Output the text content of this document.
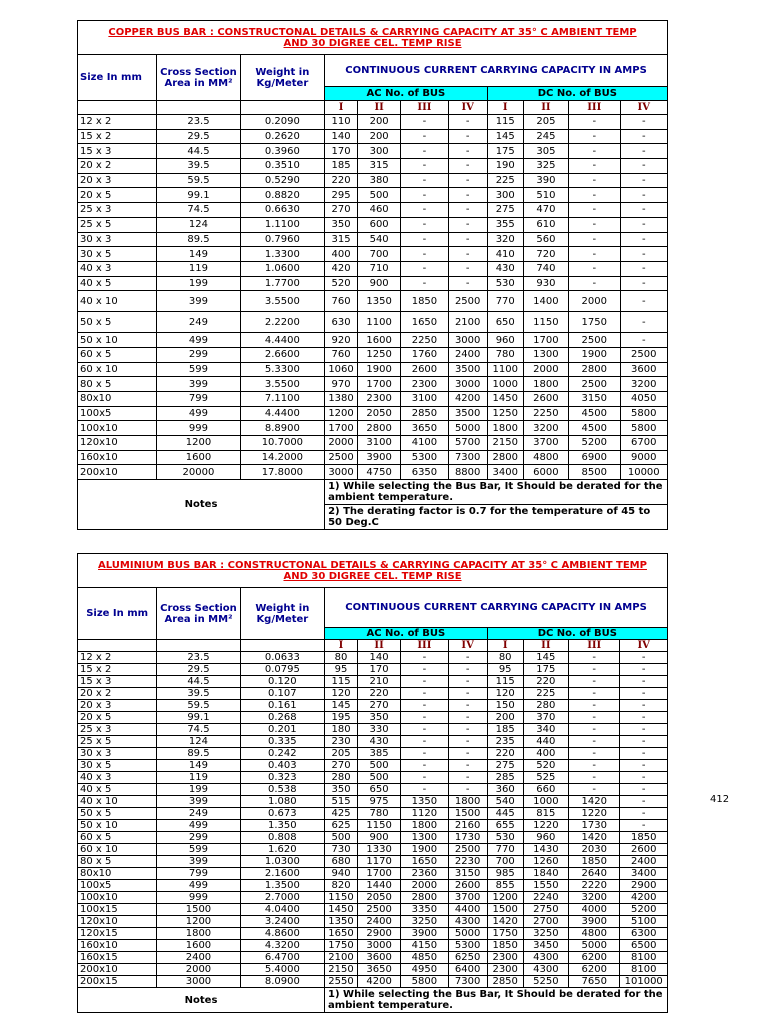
COPPER BUS BAR : CONSTRUCTONAL DETAILS & CARRYING CAPACITY AT 35° C AMBIENT TEMP AND 30 DIGREE CEL. TEMP RISE										
Size In mm	Cross Section Area in MM²	Weight in Kg/Meter	CONTINUOUS CURRENT CARRYING CAPACITY IN AMPS							
			AC No. of BUS				DC No. of BUS			
			I	II	III	IV	I	II	III	IV
12 x 2	23.5	0.2090	110	200	-	-	115	205	-	-
15 x 2	29.5	0.2620	140	200	-	-	145	245	-	-
15 x 3	44.5	0.3960	170	300	-	-	175	305	-	-
20 x 2	39.5	0.3510	185	315	-	-	190	325	-	-
20 x 3	59.5	0.5290	220	380	-	-	225	390	-	-
20 x 5	99.1	0.8820	295	500	-	-	300	510	-	-
25 x 3	74.5	0.6630	270	460	-	-	275	470	-	-
25 x 5	124	1.1100	350	600	-	-	355	610	-	-
30 x 3	89.5	0.7960	315	540	-	-	320	560	-	-
30 x 5	149	1.3300	400	700	-	-	410	720	-	-
40 x 3	119	1.0600	420	710	-	-	430	740	-	-
40 x 5	199	1.7700	520	900	-	-	530	930	-	-
40 x 10	399	3.5500	760	1350	1850	2500	770	1400	2000	-
50 x 5	249	2.2200	630	1100	1650	2100	650	1150	1750	-
50 x 10	499	4.4400	920	1600	2250	3000	960	1700	2500	-
60 x 5	299	2.6600	760	1250	1760	2400	780	1300	1900	2500
60 x 10	599	5.3300	1060	1900	2600	3500	1100	2000	2800	3600
80 x 5	399	3.5500	970	1700	2300	3000	1000	1800	2500	3200
80x10	799	7.1100	1380	2300	3100	4200	1450	2600	3150	4050
100x5	499	4.4400	1200	2050	2850	3500	1250	2250	4500	5800
100x10	999	8.8900	1700	2800	3650	5000	1800	3200	4500	5800
120x10	1200	10.7000	2000	3100	4100	5700	2150	3700	5200	6700
160x10	1600	14.2000	2500	3900	5300	7300	2800	4800	6900	9000
200x10	20000	17.8000	3000	4750	6350	8800	3400	6000	8500	10000
Notes			1) While selecting the Bus Bar, It Should be derated for the ambient temperature.							
			2) The derating factor is 0.7 for the temperature of 45 to 50 Deg.C							
ALUMINIUM BUS BAR : CONSTRUCTONAL DETAILS & CARRYING CAPACITY AT 35° C AMBIENT TEMP AND 30 DIGREE CEL. TEMP RISE										
Size In mm	Cross Section Area in MM²	Weight in Kg/Meter	CONTINUOUS CURRENT CARRYING CAPACITY IN AMPS							
			AC No. of BUS				DC No. of BUS			
			I	II	III	IV	I	II	III	IV
12 x 2	23.5	0.0633	80	140	-	-	80	145	-	-
15 x 2	29.5	0.0795	95	170	-	-	95	175	-	-
15 x 3	44.5	0.120	115	210	-	-	115	220	-	-
20 x 2	39.5	0.107	120	220	-	-	120	225	-	-
20 x 3	59.5	0.161	145	270	-	-	150	280	-	-
20 x 5	99.1	0.268	195	350	-	-	200	370	-	-
25 x 3	74.5	0.201	180	330	-	-	185	340	-	-
25 x 5	124	0.335	230	430	-	-	235	440	-	-
30 x 3	89.5	0.242	205	385	-	-	220	400	-	-
30 x 5	149	0.403	270	500	-	-	275	520	-	-
40 x 3	119	0.323	280	500	-	-	285	525	-	-
40 x 5	199	0.538	350	650	-	-	360	660	-	-
40 x 10	399	1.080	515	975	1350	1800	540	1000	1420	-
50 x 5	249	0.673	425	780	1120	1500	445	815	1220	-
50 x 10	499	1.350	625	1150	1800	2160	655	1220	1730	-
60 x 5	299	0.808	500	900	1300	1730	530	960	1420	1850
60 x 10	599	1.620	730	1330	1900	2500	770	1430	2030	2600
80 x 5	399	1.0300	680	1170	1650	2230	700	1260	1850	2400
80x10	799	2.1600	940	1700	2360	3150	985	1840	2640	3400
100x5	499	1.3500	820	1440	2000	2600	855	1550	2220	2900
100x10	999	2.7000	1150	2050	2800	3700	1200	2240	3200	4200
100x15	1500	4.0400	1450	2500	3350	4400	1500	2750	4000	5200
120x10	1200	3.2400	1350	2400	3250	4300	1420	2700	3900	5100
120x15	1800	4.8600	1650	2900	3900	5000	1750	3250	4800	6300
160x10	1600	4.3200	1750	3000	4150	5300	1850	3450	5000	6500
160x15	2400	6.4700	2100	3600	4850	6250	2300	4300	6200	8100
200x10	2000	5.4000	2150	3650	4950	6400	2300	4300	6200	8100
200x15	3000	8.0900	2550	4200	5800	7300	2850	5250	7650	101000
Notes			1) While selecting the Bus Bar, It Should be derated for the ambient temperature.							
412
